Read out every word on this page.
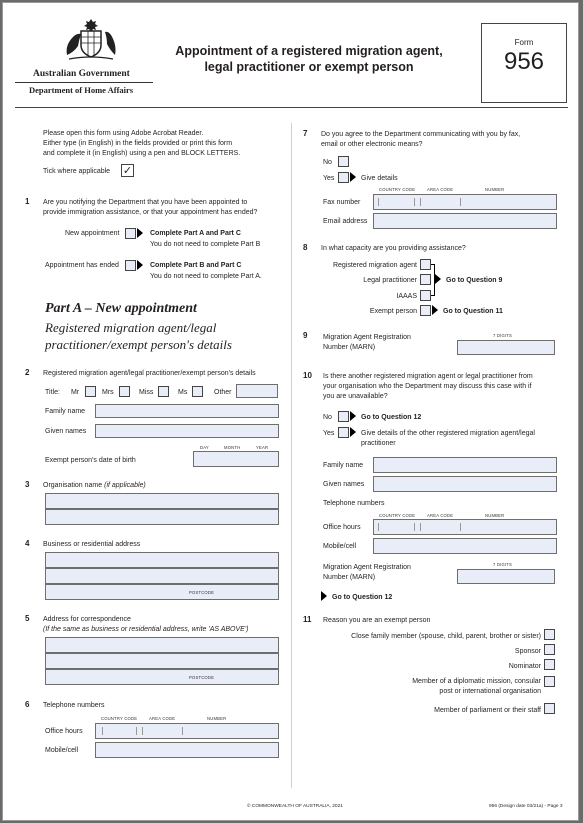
Australian Government
Department of Home Affairs
Appointment of a registered migration agent,
legal practitioner or exempt person
Form
956
Please open this form using Adobe Acrobat Reader.
Either type (in English) in the fields provided or print this form
and complete it (in English) using a pen and BLOCK LETTERS.
Tick where applicable ✓
1 Are you notifying the Department that you have been appointed to
provide immigration assistance, or that your appointment has ended?
New appointment	Complete Part A and Part C
You do not need to complete Part B
Appointment has ended	Complete Part B and Part C
You do not need to complete Part A.
Part A – New appointment
Registered migration agent/legal
practitioner/exempt person's details
2 Registered migration agent/legal practitioner/exempt person's details
Title: Mr	Mrs	Miss	Ms	Other
Family name
Given names
DAY	MONTH	YEAR
Exempt person's date of birth
3 Organisation name (if applicable)
4 Business or residential address
POSTCODE
5 Address for correspondence
(If the same as business or residential address, write 'AS ABOVE')
POSTCODE
6 Telephone numbers
COUNTRY CODE	AREA CODE	NUMBER
Office hours
Mobile/cell
7 Do you agree to the Department communicating with you by fax,
email or other electronic means?
No
Yes	Give details
COUNTRY CODE	AREA CODE	NUMBER
Fax number
Email address
8 In what capacity are you providing assistance?
Registered migration agent
Legal practitioner
IAAAS
Go to Question 9
Exempt person	Go to Question 11
9 Migration Agent Registration
Number (MARN)
7 DIGITS
10 Is there another registered migration agent or legal practitioner from
your organisation who the Department may discuss this case with if
you are unavailable?
No	Go to Question 12
Yes	Give details of the other registered migration agent/legal
practitioner
Family name
Given names
Telephone numbers
COUNTRY CODE	AREA CODE	NUMBER
Office hours
Mobile/cell
Migration Agent Registration
Number (MARN)
7 DIGITS
Go to Question 12
11 Reason you are an exempt person
Close family member (spouse, child, parent, brother or sister)
Sponsor
Nominator
Member of a diplomatic mission, consular
post or international organisation
Member of parliament or their staff
© COMMONWEALTH OF AUSTRALIA, 2021	956 (Design date 03/21a) - Page 3
